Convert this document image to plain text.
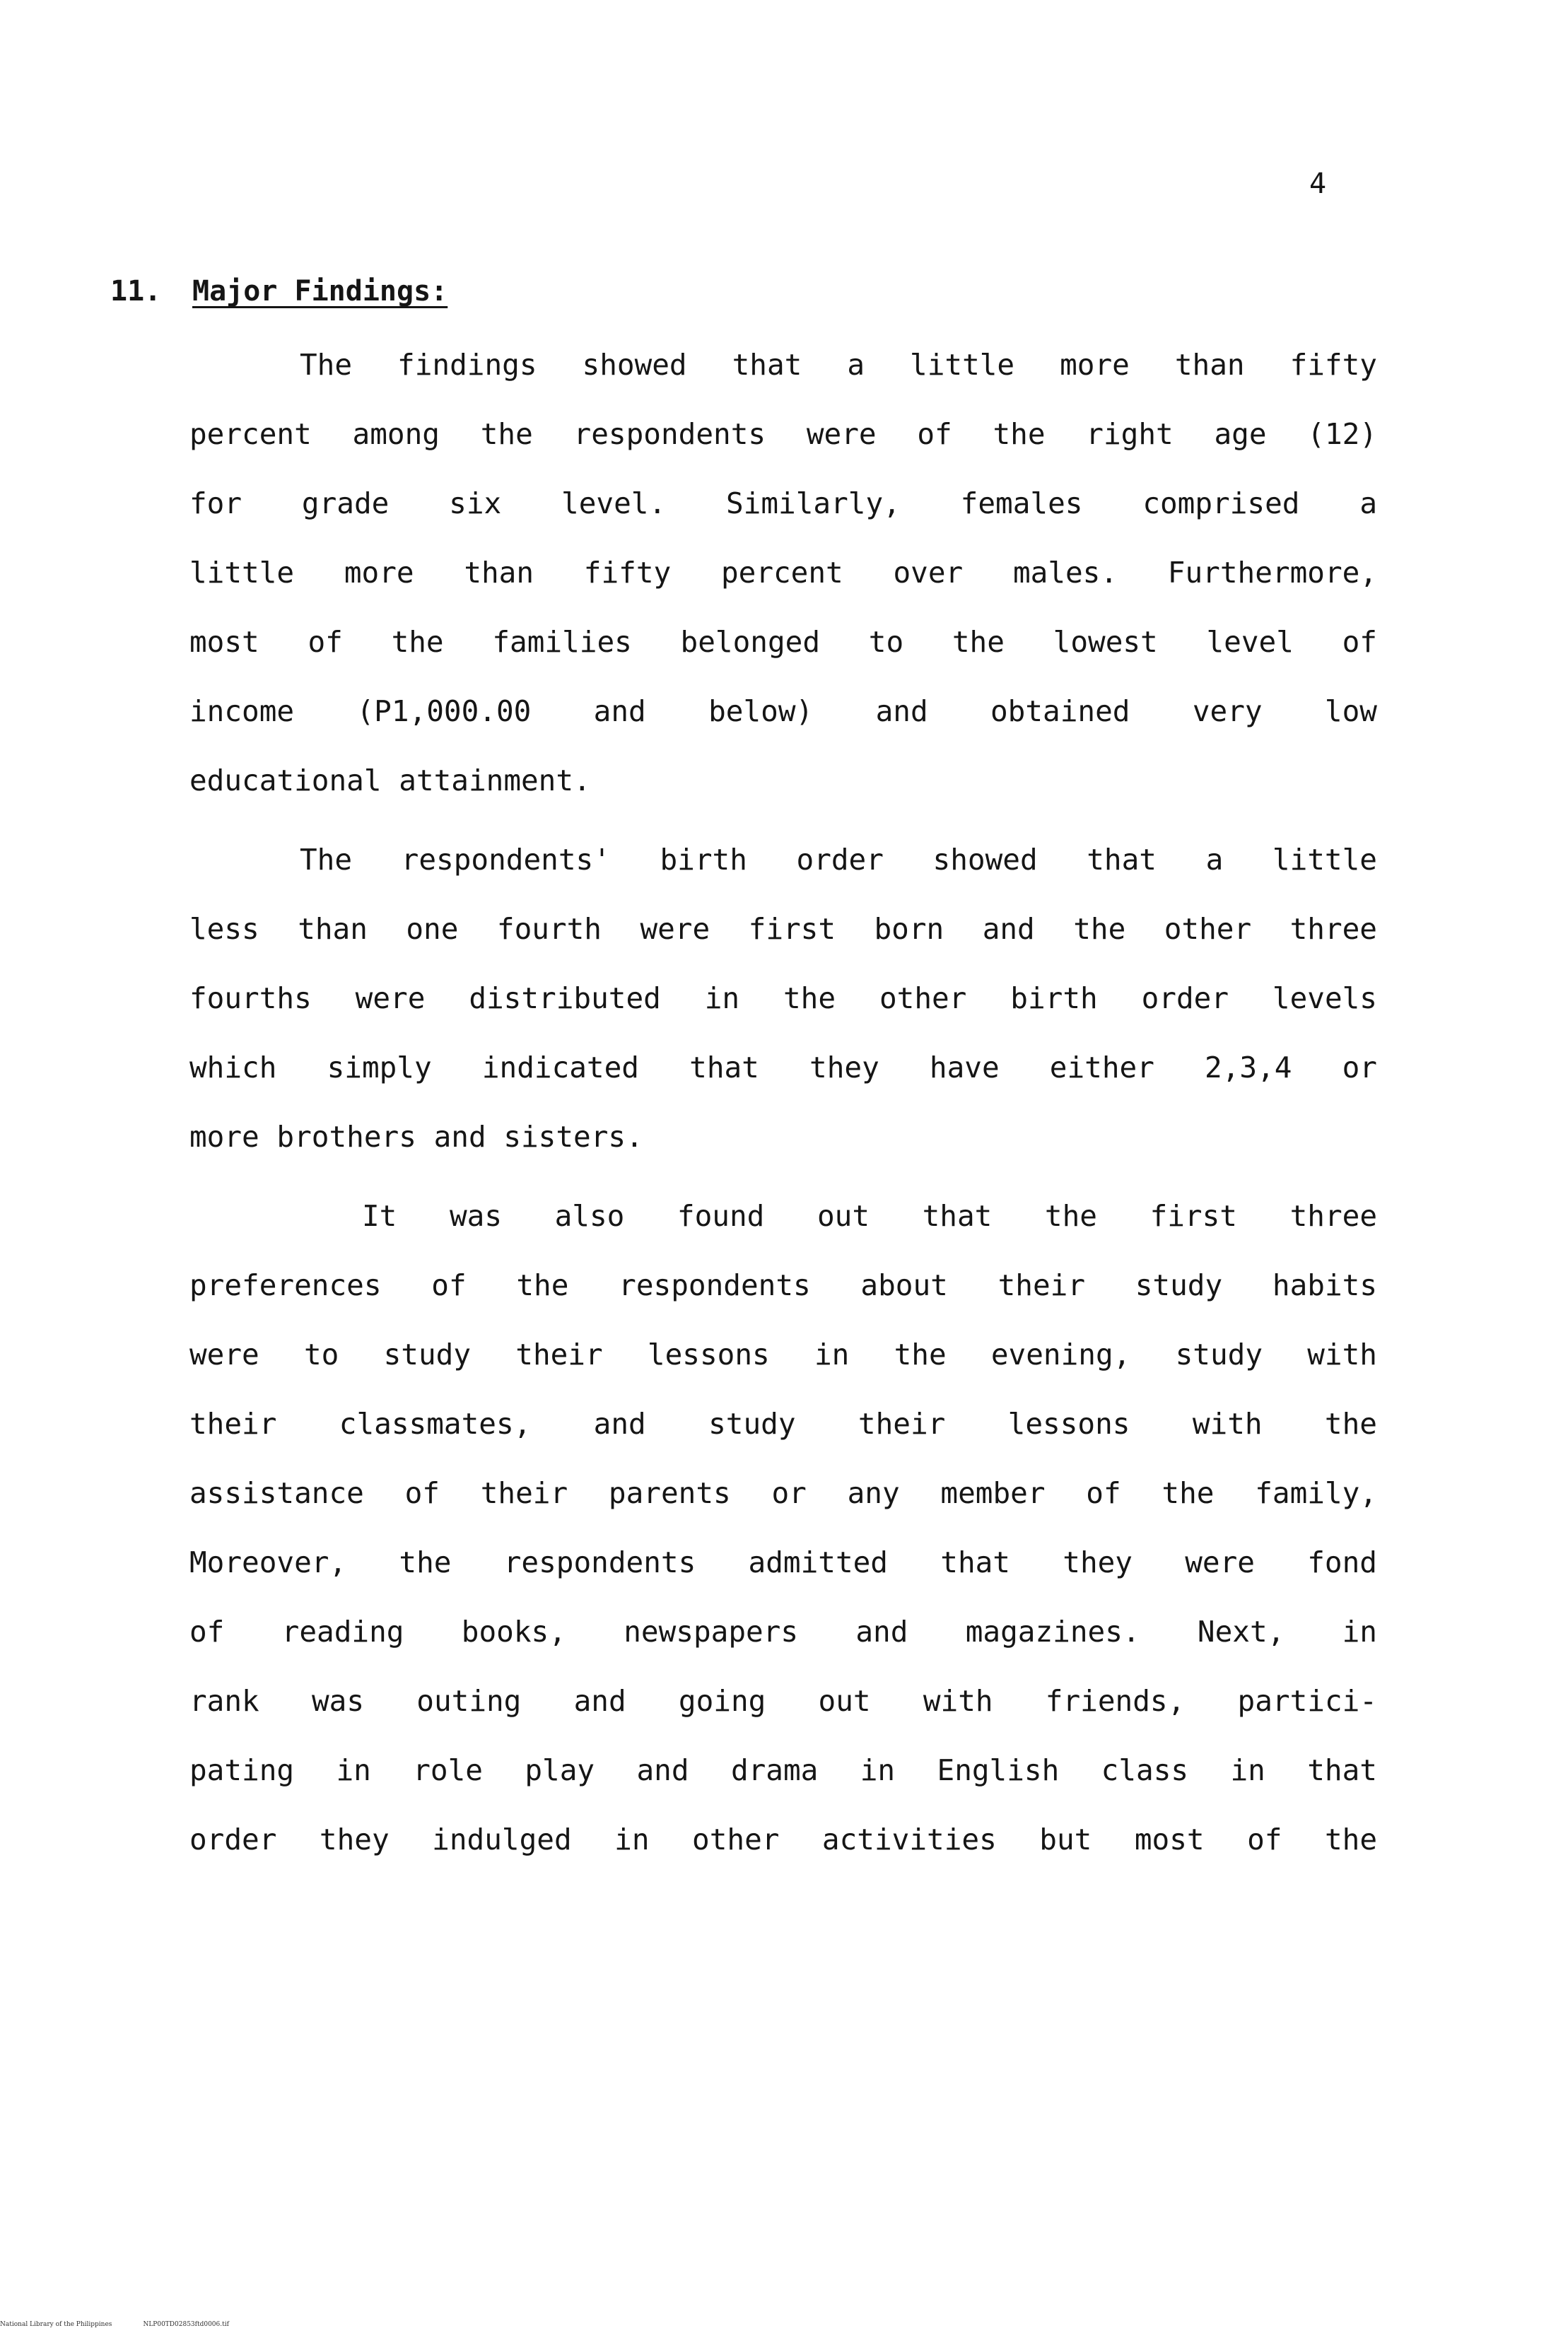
4
11. Major Findings:
The findings showed that a little more than fifty
percent among the respondents were of the right age (12)
for grade six level. Similarly, females comprised a
little more than fifty percent over males. Furthermore,
most of the families belonged to the lowest level of
income (P1,000.00 and below) and obtained very low
educational attainment.
The respondents' birth order showed that a little
less than one fourth were first born and the other three
fourths were distributed in the other birth order levels
which simply indicated that they have either 2,3,4 or
more brothers and sisters.
It was also found out that the first three
preferences of the respondents about their study habits
were to study their lessons in the evening, study with
their classmates, and study their lessons with the
assistance of their parents or any member of the family,
Moreover, the respondents admitted that they were fond
of reading books, newspapers and magazines. Next, in
rank was outing and going out with friends, partici-
pating in role play and drama in English class in that
order they indulged in other activities but most of the
National Library of the Philippines	NLP00TD02853ftd0006.tif
